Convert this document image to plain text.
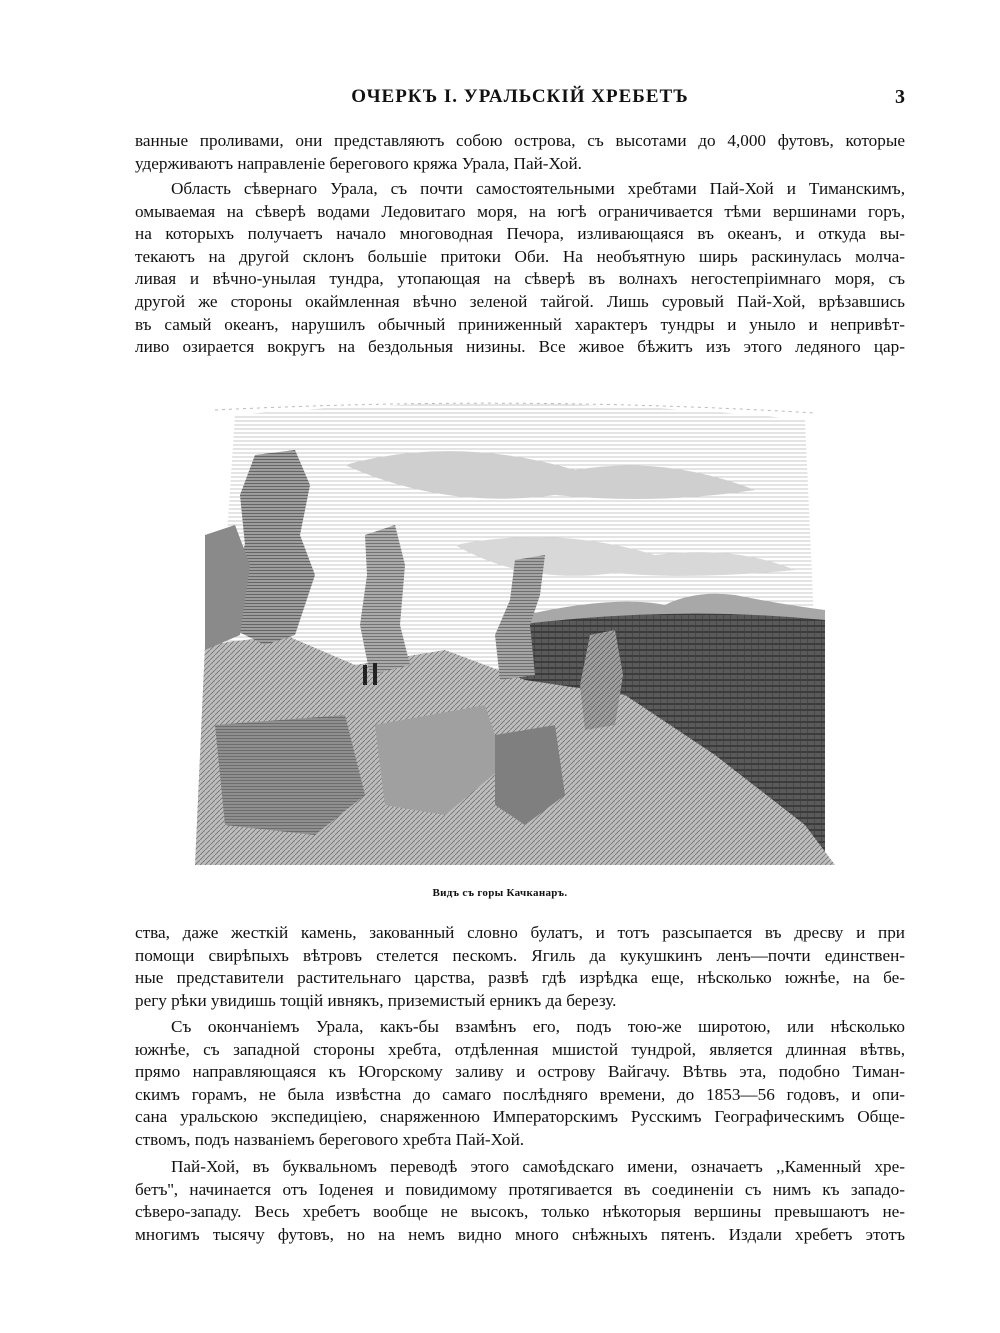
ОЧЕРКЪ I. УРАЛЬСКІЙ ХРЕБЕТЪ	3
ванные проливами, они представляютъ собою острова, съ высотами до 4,000 футовъ, которые
удерживаютъ направленіе берегового кряжа Урала, Пай-Хой.
Область сѣвернаго Урала, съ почти самостоятельными хребтами Пай-Хой и Тиманскимъ,
омываемая на сѣверѣ водами Ледовитаго моря, на югѣ ограничивается тѣми вершинами горъ,
на которыхъ получаетъ начало многоводная Печора, изливающаяся въ океанъ, и откуда вы-
текаютъ на другой склонъ большіе притоки Оби. На необъятную ширь раскинулась молча-
ливая и вѣчно-унылая тундра, утопающая на сѣверѣ въ волнахъ негостепріимнаго моря, съ
другой же стороны окаймленная вѣчно зеленой тайгой. Лишь суровый Пай-Хой, врѣзавшись
въ самый океанъ, нарушилъ обычный приниженный характеръ тундры и уныло и непривѣт-
ливо озирается вокругъ на бездольныя низины. Все живое бѣжитъ изъ этого ледяного цар-
Видъ съ горы Качканаръ.
ства, даже жесткій камень, закованный словно булатъ, и тотъ разсыпается въ дресву и при
помощи свирѣпыхъ вѣтровъ стелется пескомъ. Ягиль да кукушкинъ ленъ—почти единствен-
ные представители растительнаго царства, развѣ гдѣ изрѣдка еще, нѣсколько южнѣе, на бе-
регу рѣки увидишь тощій ивнякъ, приземистый ерникъ да березу.
Съ окончаніемъ Урала, какъ-бы взамѣнъ его, подъ тою-же широтою, или нѣсколько
южнѣе, съ западной стороны хребта, отдѣленная мшистой тундрой, является длинная вѣтвь,
прямо направляющаяся къ Югорскому заливу и острову Вайгачу. Вѣтвь эта, подобно Тиман-
скимъ горамъ, не была извѣстна до самаго послѣдняго времени, до 1853—56 годовъ, и опи-
сана уральскою экспедиціею, снаряженною Императорскимъ Русскимъ Географическимъ Обще-
ствомъ, подъ названіемъ берегового хребта Пай-Хой.
Пай-Хой, въ буквальномъ переводѣ этого самоѣдскаго имени, означаетъ ,,Каменный хре-
бетъ'', начинается отъ Іоденея и повидимому протягивается въ соединеніи съ нимъ къ западо-
сѣверо-западу. Весь хребетъ вообще не высокъ, только нѣкоторыя вершины превышаютъ не-
многимъ тысячу футовъ, но на немъ видно много снѣжныхъ пятенъ. Издали хребетъ этотъ
